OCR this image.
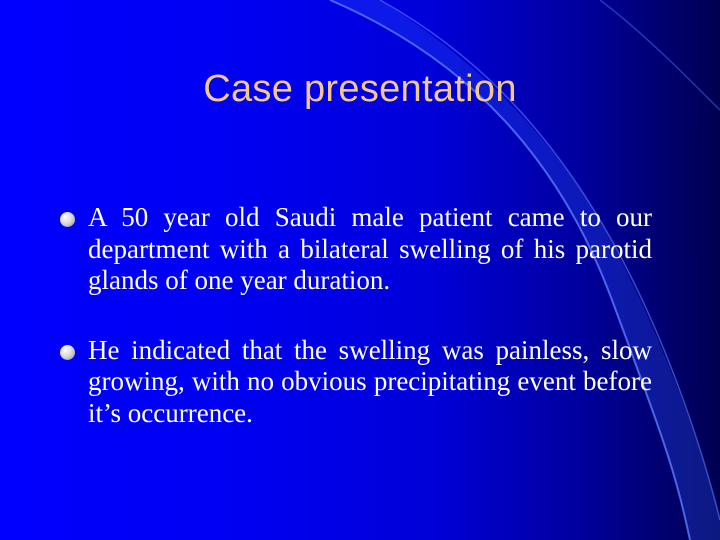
Case presentation
A 50 year old Saudi male patient came to our department with a bilateral swelling of his parotid glands of one year duration.
He indicated that the swelling was painless, slow growing, with no obvious precipitating event before it’s occurrence.
